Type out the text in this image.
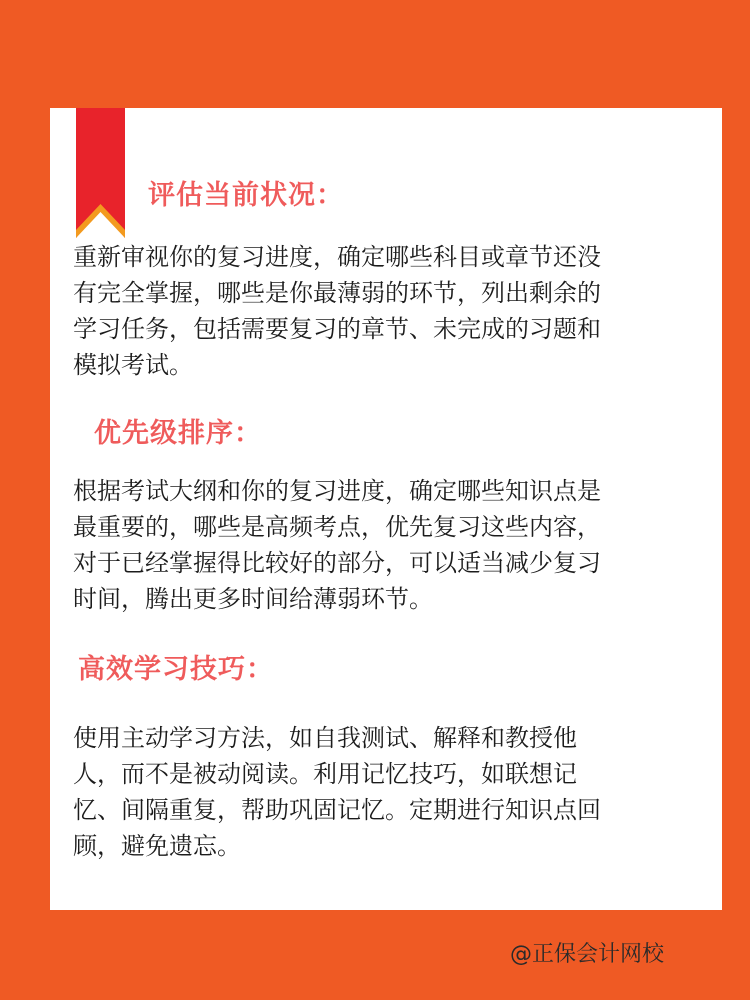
评估当前状况：
重新审视你的复习进度，确定哪些科目或章节还没
有完全掌握，哪些是你最薄弱的环节，列出剩余的
学习任务，包括需要复习的章节、未完成的习题和
模拟考试。
优先级排序：
根据考试大纲和你的复习进度，确定哪些知识点是
最重要的，哪些是高频考点，优先复习这些内容，
对于已经掌握得比较好的部分，可以适当减少复习
时间，腾出更多时间给薄弱环节。
高效学习技巧：
使用主动学习方法，如自我测试、解释和教授他
人，而不是被动阅读。利用记忆技巧，如联想记
忆、间隔重复，帮助巩固记忆。定期进行知识点回
顾，避免遗忘。
@正保会计网校
